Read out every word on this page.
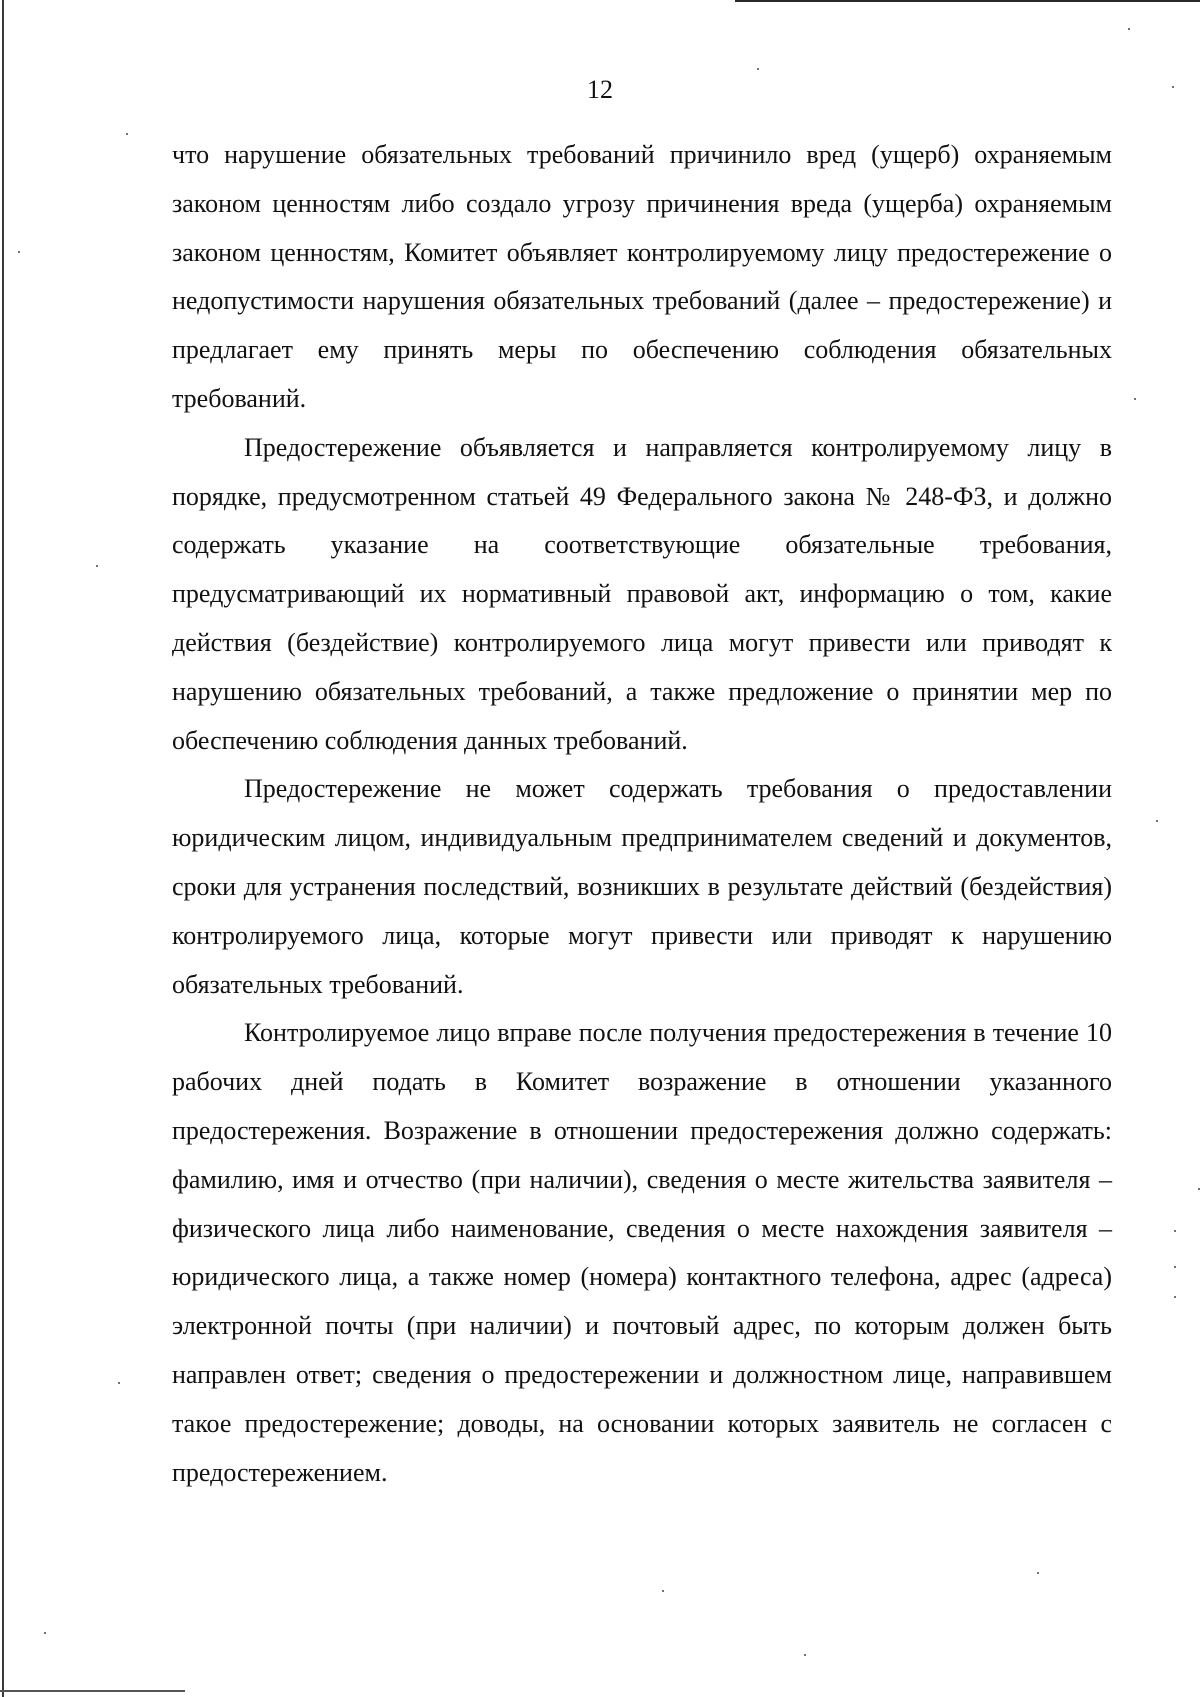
12

что нарушение обязательных требований причинило вред (ущерб) охраняемым законом ценностям либо создало угрозу причинения вреда (ущерба) охраняемым законом ценностям, Комитет объявляет контролируемому лицу предостережение о недопустимости нарушения обязательных требований (далее – предостережение) и предлагает ему принять меры по обеспечению соблюдения обязательных требований.

Предостережение объявляется и направляется контролируемому лицу в порядке, предусмотренном статьей 49 Федерального закона № 248-ФЗ, и должно содержать указание на соответствующие обязательные требования, предусматривающий их нормативный правовой акт, информацию о том, какие действия (бездействие) контролируемого лица могут привести или приводят к нарушению обязательных требований, а также предложение о принятии мер по обеспечению соблюдения данных требований.

Предостережение не может содержать требования о предоставлении юридическим лицом, индивидуальным предпринимателем сведений и документов, сроки для устранения последствий, возникших в результате действий (бездействия) контролируемого лица, которые могут привести или приводят к нарушению обязательных требований.

Контролируемое лицо вправе после получения предостережения в течение 10 рабочих дней подать в Комитет возражение в отношении указанного предостережения. Возражение в отношении предостережения должно содержать: фамилию, имя и отчество (при наличии), сведения о месте жительства заявителя – физического лица либо наименование, сведения о месте нахождения заявителя – юридического лица, а также номер (номера) контактного телефона, адрес (адреса) электронной почты (при наличии) и почтовый адрес, по которым должен быть направлен ответ; сведения о предостережении и должностном лице, направившем такое предостережение; доводы, на основании которых заявитель не согласен с предостережением.
